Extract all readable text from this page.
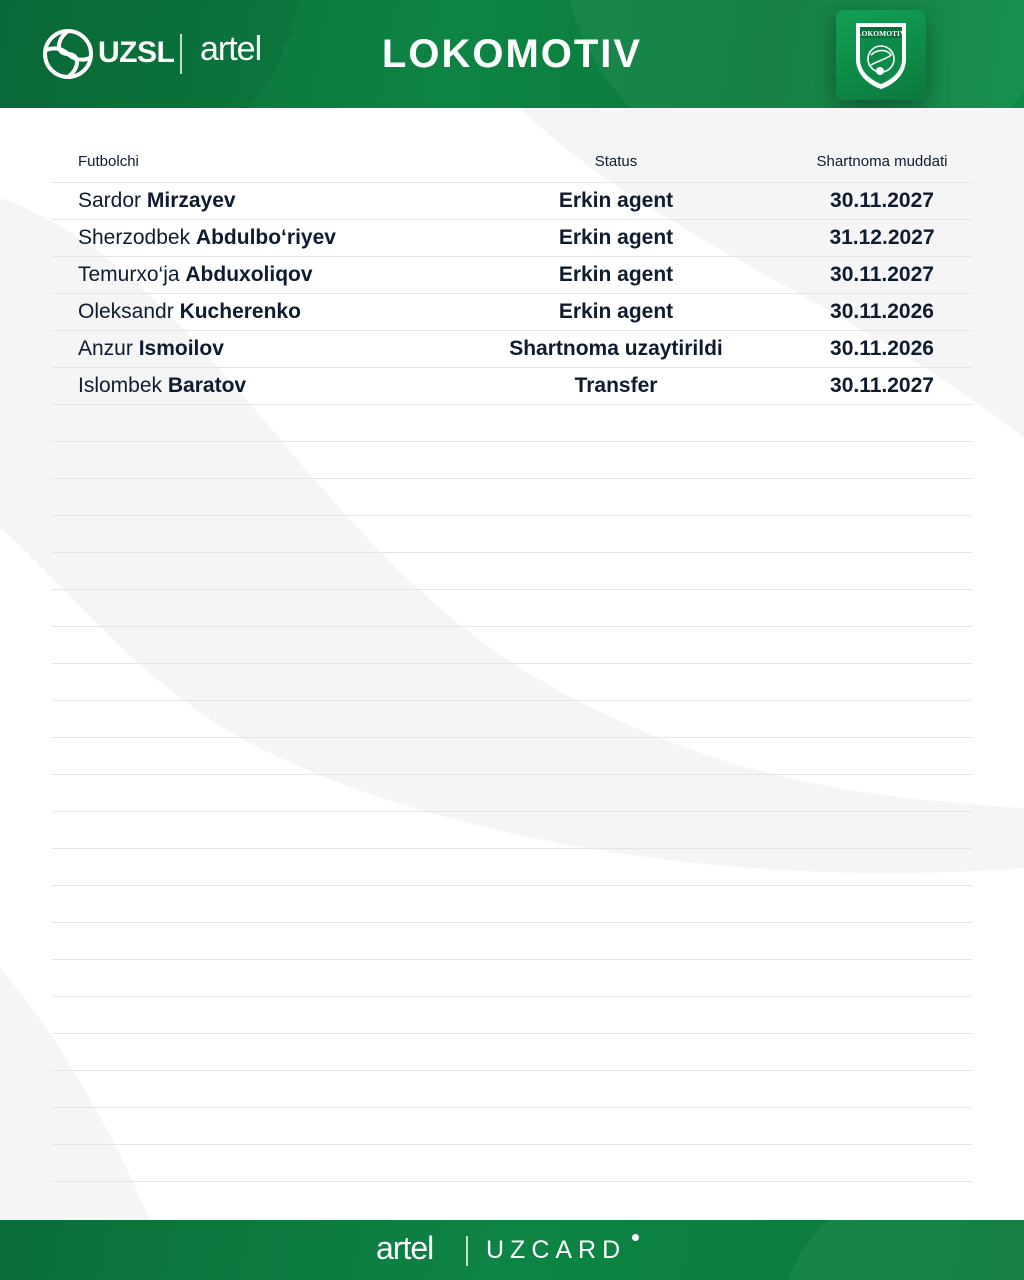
UZSL artel	LOKOMOTIV	LOKOMOTIV
Futbolchi	Status	Shartnoma muddati
Sardor Mirzayev	Erkin agent	30.11.2027
Sherzodbek Abdulbo‘riyev	Erkin agent	31.12.2027
Temurxo‘ja Abduxoliqov	Erkin agent	30.11.2027
Oleksandr Kucherenko	Erkin agent	30.11.2026
Anzur Ismoilov	Shartnoma uzaytirildi	30.11.2026
Islombek Baratov	Transfer	30.11.2027
artel UZCARD
